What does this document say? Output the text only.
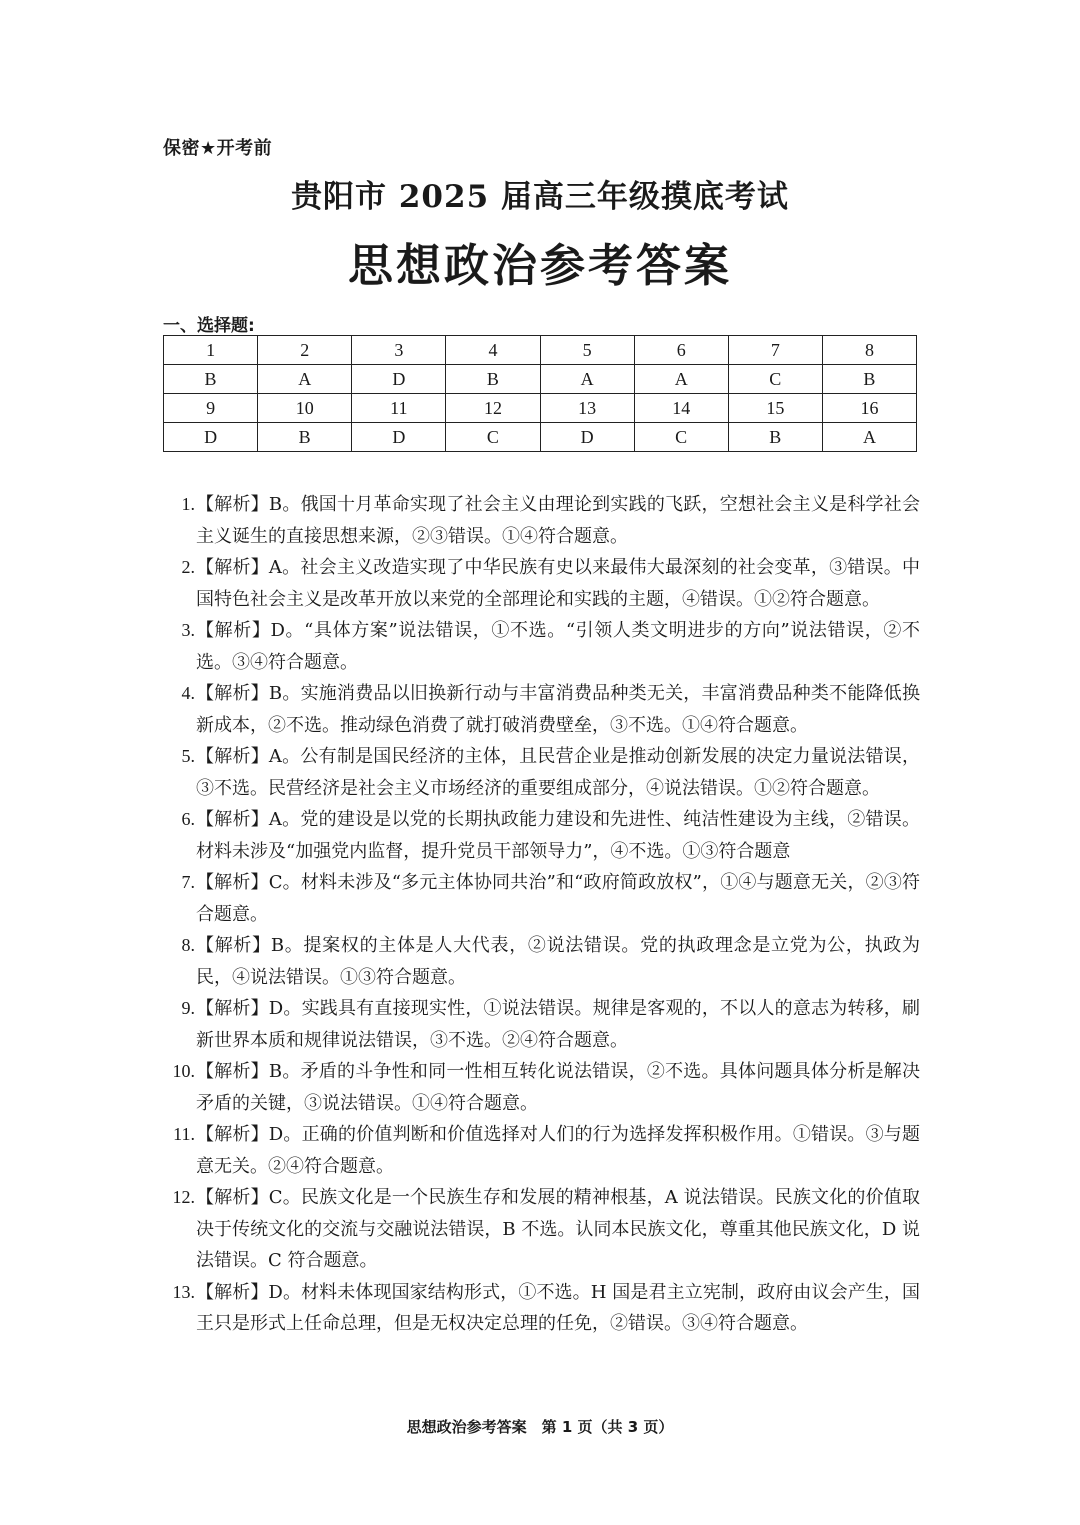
保密★开考前
贵阳市 2025 届高三年级摸底考试
思想政治参考答案
一、选择题:
1	2	3	4	5	6	7	8
B	A	D	B	A	A	C	B
9	10	11	12	13	14	15	16
D	B	D	C	D	C	B	A
1. 【解析】B。俄国十月革命实现了社会主义由理论到实践的飞跃，空想社会主义是科学社会主义诞生的直接思想来源，②③错误。①④符合题意。
2. 【解析】A。社会主义改造实现了中华民族有史以来最伟大最深刻的社会变革，③错误。中国特色社会主义是改革开放以来党的全部理论和实践的主题，④错误。①②符合题意。
3. 【解析】D。“具体方案”说法错误，①不选。“引领人类文明进步的方向”说法错误，②不选。③④符合题意。
4. 【解析】B。实施消费品以旧换新行动与丰富消费品种类无关，丰富消费品种类不能降低换新成本，②不选。推动绿色消费了就打破消费壁垒，③不选。①④符合题意。
5. 【解析】A。公有制是国民经济的主体，且民营企业是推动创新发展的决定力量说法错误，③不选。民营经济是社会主义市场经济的重要组成部分，④说法错误。①②符合题意。
6. 【解析】A。党的建设是以党的长期执政能力建设和先进性、纯洁性建设为主线，②错误。材料未涉及“加强党内监督，提升党员干部领导力”，④不选。①③符合题意
7. 【解析】C。材料未涉及“多元主体协同共治”和“政府简政放权”，①④与题意无关，②③符合题意。
8. 【解析】B。提案权的主体是人大代表，②说法错误。党的执政理念是立党为公，执政为民，④说法错误。①③符合题意。
9. 【解析】D。实践具有直接现实性，①说法错误。规律是客观的，不以人的意志为转移，刷新世界本质和规律说法错误，③不选。②④符合题意。
10. 【解析】B。矛盾的斗争性和同一性相互转化说法错误，②不选。具体问题具体分析是解决矛盾的关键，③说法错误。①④符合题意。
11. 【解析】D。正确的价值判断和价值选择对人们的行为选择发挥积极作用。①错误。③与题意无关。②④符合题意。
12. 【解析】C。民族文化是一个民族生存和发展的精神根基，A 说法错误。民族文化的价值取决于传统文化的交流与交融说法错误，B 不选。认同本民族文化，尊重其他民族文化，D 说法错误。C 符合题意。
13. 【解析】D。材料未体现国家结构形式，①不选。H 国是君主立宪制，政府由议会产生，国王只是形式上任命总理，但是无权决定总理的任免，②错误。③④符合题意。
思想政治参考答案　第 1 页（共 3 页）
